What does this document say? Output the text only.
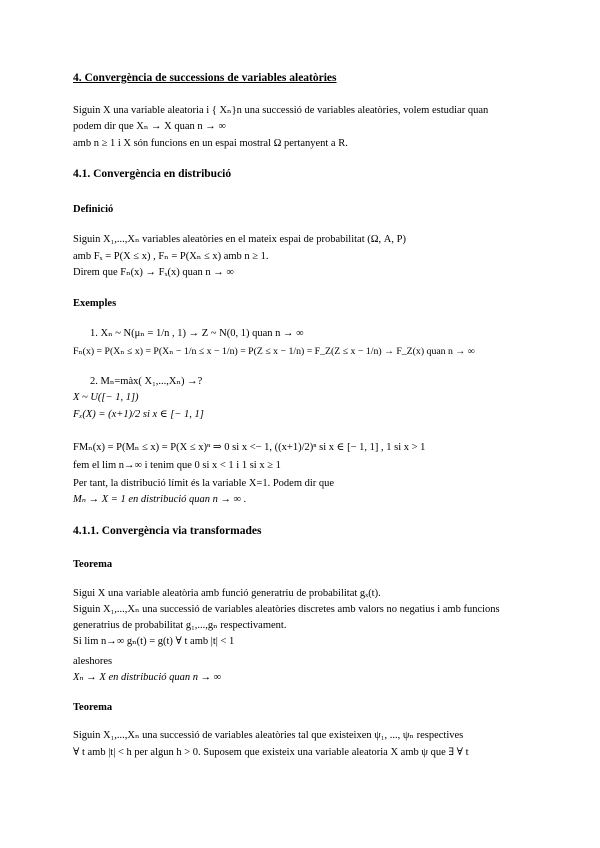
4. Convergència de successions de variables aleatòries
Siguin X una variable aleatoria i { Xₙ}n una successió de variables aleatòries, volem estudiar quan
podem dir que Xₙ → X quan n → ∞
amb n ≥ 1 i X són funcions en un espai mostral Ω pertanyent a R.
4.1. Convergència en distribució
Definició
Siguin X₁,...,Xₙ variables aleatòries en el mateix espai de probabilitat (Ω, A, P)
amb Fₓ = P(X ≤ x) , Fₙ = P(Xₙ ≤ x) amb n ≥ 1.
Direm que Fₙ(x) → Fₓ(x) quan n → ∞
Exemples
1. Xₙ ~ N(μₙ = 1/n , 1) → Z ~ N(0, 1) quan n → ∞
Fₙ(x) = P(Xₙ ≤ x) = P(Xₙ − 1/n ≤ x − 1/n) = P(Z ≤ x − 1/n) = F_Z(Z ≤ x − 1/n) → F_Z(x) quan n → ∞
2. Mₙ=màx( X₁,...,Xₙ) →?
X ~ U([− 1, 1])
Fₓ(X) = (x+1)/2 si x ∈ [− 1, 1]
FMₙ(x) = P(Mₙ ≤ x) = P(X ≤ x)ⁿ ⇒ 0 si x <− 1, ((x+1)/2)ⁿ si x ∈ [− 1, 1] , 1 si x > 1
fem el lim n→∞ i tenim que 0 si x < 1 i 1 si x ≥ 1
Per tant, la distribució límit és la variable X=1. Podem dir que
Mₙ → X = 1 en distribució quan n → ∞ .
4.1.1. Convergència via transformades
Teorema
Sigui X una variable aleatòria amb funció generatriu de probabilitat gₓ(t).
Siguin X₁,...,Xₙ una successió de variables aleatòries discretes amb valors no negatius i amb funcions
generatrius de probabilitat g₁,...,gₙ respectivament.
Si lim n→∞ gₙ(t) = g(t) ∀ t amb |t| < 1
aleshores
Xₙ → X en distribució quan n → ∞
Teorema
Siguin X₁,...,Xₙ una successió de variables aleatòries tal que existeixen ψ₁, ..., ψₙ respectives
∀ t amb |t| < h per algun h > 0. Suposem que existeix una variable aleatoria X amb ψ que ∃ ∀ t
